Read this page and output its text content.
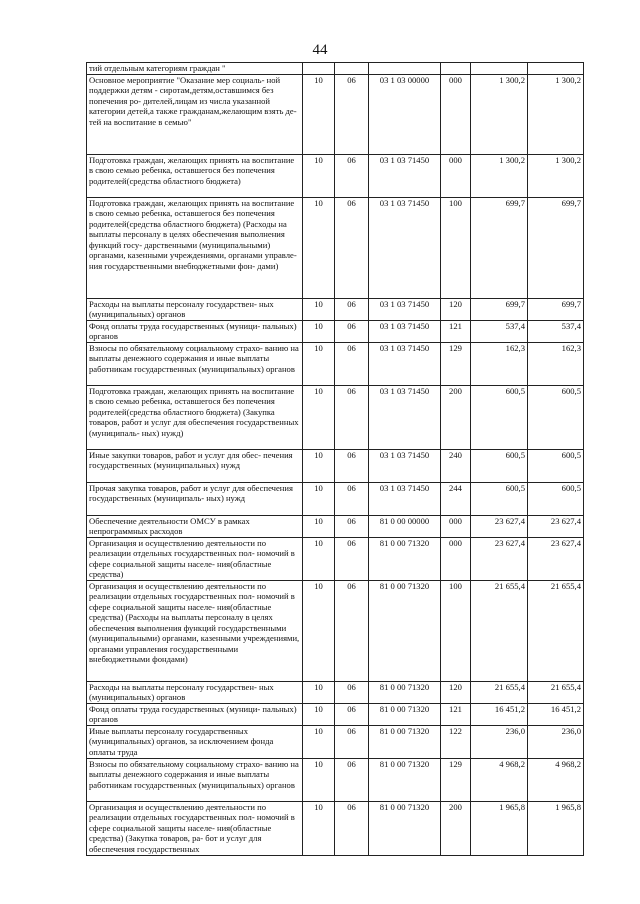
44
тий отдельным категориям граждан "						
Основное мероприятие "Оказание мер социаль- ной поддержки детям - сиротам,детям,оставшимся без попечения ро- дителей,лицам из числа указанной категории детей,а также гражданам,желающим взять де- тей на воспитание в семью"	10	06	03 1 03 00000	000	1 300,2	1 300,2
Подготовка граждан, желающих принять на воспитание в свою семью ребенка, оставшегося без попечения родителей(средства областного бюджета)	10	06	03 1 03 71450	000	1 300,2	1 300,2
Подготовка граждан, желающих принять на воспитание в свою семью ребенка, оставшегося без попечения родителей(средства областного бюджета) (Расходы на выплаты персоналу в целях обеспечения выполнения функций госу- дарственными (муниципальными) органами, казенными учреждениями, органами управле- ния государственными внебюджетными фон- дами)	10	06	03 1 03 71450	100	699,7	699,7
Расходы на выплаты персоналу государствен- ных (муниципальных) органов	10	06	03 1 03 71450	120	699,7	699,7
Фонд оплаты труда государственных (муници- пальных) органов	10	06	03 1 03 71450	121	537,4	537,4
Взносы по обязательному социальному страхо- ванию на выплаты денежного содержания и иные выплаты работникам государственных (муниципальных) органов	10	06	03 1 03 71450	129	162,3	162,3
Подготовка граждан, желающих принять на воспитание в свою семью ребенка, оставшегося без попечения родителей(средства областного бюджета) (Закупка товаров, работ и услуг для обеспечения государственных (муниципаль- ных) нужд)	10	06	03 1 03 71450	200	600,5	600,5
Иные закупки товаров, работ и услуг для обес- печения государственных (муниципальных) нужд	10	06	03 1 03 71450	240	600,5	600,5
Прочая закупка товаров, работ и услуг для обеспечения государственных (муниципаль- ных) нужд	10	06	03 1 03 71450	244	600,5	600,5
Обеспечение деятельности ОМСУ в рамках непрограммных расходов	10	06	81 0 00 00000	000	23 627,4	23 627,4
Организация и осуществлению деятельности по реализации отдельных государственных пол- номочий в сфере социальной защиты населе- ния(областные средства)	10	06	81 0 00 71320	000	23 627,4	23 627,4
Организация и осуществлению деятельности по реализации отдельных государственных пол- номочий в сфере социальной защиты населе- ния(областные средства) (Расходы на выплаты персоналу в целях обеспечения выполнения функций государственными (муниципальными) органами, казенными учреждениями, органами управления государственными внебюджетными фондами)	10	06	81 0 00 71320	100	21 655,4	21 655,4
Расходы на выплаты персоналу государствен- ных (муниципальных) органов	10	06	81 0 00 71320	120	21 655,4	21 655,4
Фонд оплаты труда государственных (муници- пальных) органов	10	06	81 0 00 71320	121	16 451,2	16 451,2
Иные выплаты персоналу государственных (муниципальных) органов, за исключением фонда оплаты труда	10	06	81 0 00 71320	122	236,0	236,0
Взносы по обязательному социальному страхо- ванию на выплаты денежного содержания и иные выплаты работникам государственных (муниципальных) органов	10	06	81 0 00 71320	129	4 968,2	4 968,2
Организация и осуществлению деятельности по реализации отдельных государственных пол- номочий в сфере социальной защиты населе- ния(областные средства) (Закупка товаров, ра- бот и услуг для обеспечения государственных	10	06	81 0 00 71320	200	1 965,8	1 965,8
